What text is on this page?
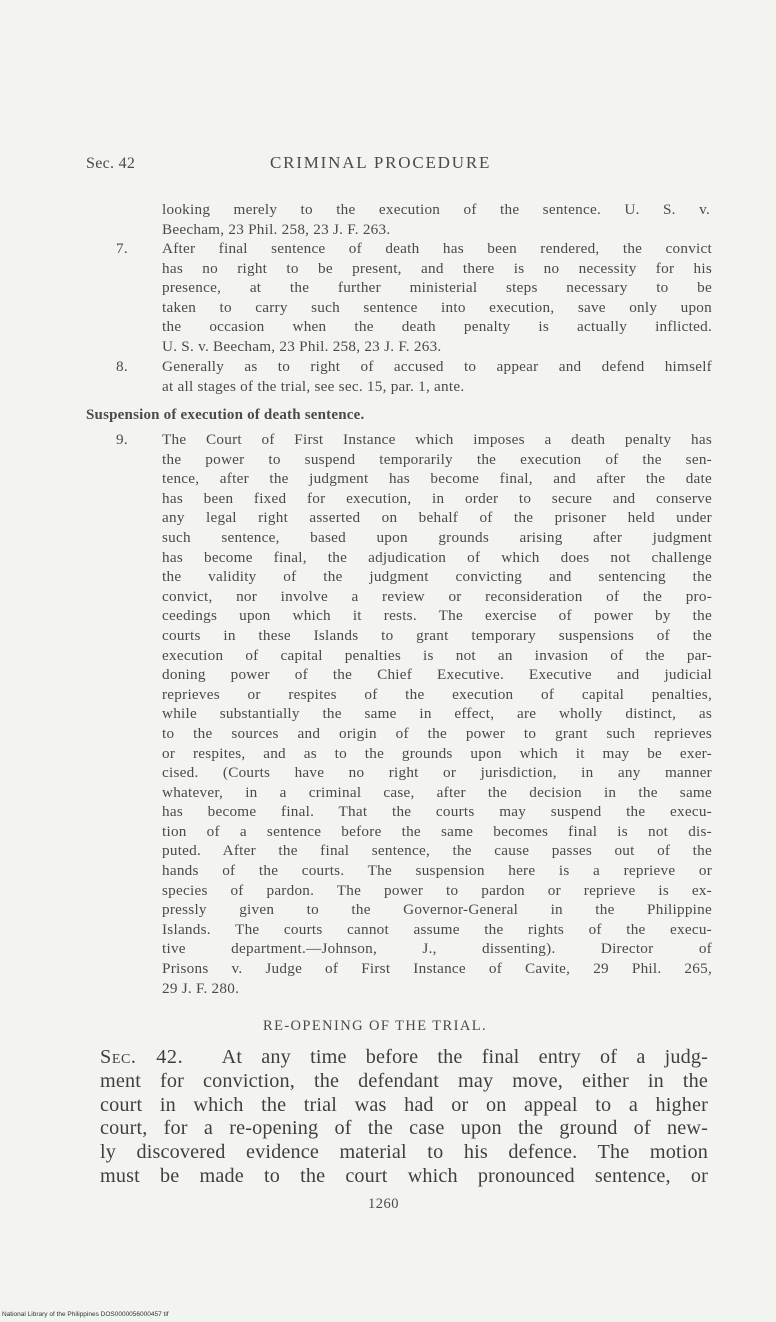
Sec. 42	CRIMINAL PROCEDURE
looking merely to the execution of the sentence. U. S. v.
Beecham, 23 Phil. 258, 23 J. F. 263.
7. After final sentence of death has been rendered, the convict
has no right to be present, and there is no necessity for his
presence, at the further ministerial steps necessary to be
taken to carry such sentence into execution, save only upon
the occasion when the death penalty is actually inflicted.
U. S. v. Beecham, 23 Phil. 258, 23 J. F. 263.
8. Generally as to right of accused to appear and defend himself
at all stages of the trial, see sec. 15, par. 1, ante.
Suspension of execution of death sentence.
9. The Court of First Instance which imposes a death penalty has
the power to suspend temporarily the execution of the sen-
tence, after the judgment has become final, and after the date
has been fixed for execution, in order to secure and conserve
any legal right asserted on behalf of the prisoner held under
such sentence, based upon grounds arising after judgment
has become final, the adjudication of which does not challenge
the validity of the judgment convicting and sentencing the
convict, nor involve a review or reconsideration of the pro-
ceedings upon which it rests. The exercise of power by the
courts in these Islands to grant temporary suspensions of the
execution of capital penalties is not an invasion of the par-
doning power of the Chief Executive. Executive and judicial
reprieves or respites of the execution of capital penalties,
while substantially the same in effect, are wholly distinct, as
to the sources and origin of the power to grant such reprieves
or respites, and as to the grounds upon which it may be exer-
cised. (Courts have no right or jurisdiction, in any manner
whatever, in a criminal case, after the decision in the same
has become final. That the courts may suspend the execu-
tion of a sentence before the same becomes final is not dis-
puted. After the final sentence, the cause passes out of the
hands of the courts. The suspension here is a reprieve or
species of pardon. The power to pardon or reprieve is ex-
pressly given to the Governor-General in the Philippine
Islands. The courts cannot assume the rights of the execu-
tive department.—Johnson, J., dissenting). Director of
Prisons v. Judge of First Instance of Cavite, 29 Phil. 265,
29 J. F. 280.
RE-OPENING OF THE TRIAL.
Sec. 42. At any time before the final entry of a judg-
ment for conviction, the defendant may move, either in the
court in which the trial was had or on appeal to a higher
court, for a re-opening of the case upon the ground of new-
ly discovered evidence material to his defence. The motion
must be made to the court which pronounced sentence, or
1260
National Library of the Philippines DOS0000056000457 tif
